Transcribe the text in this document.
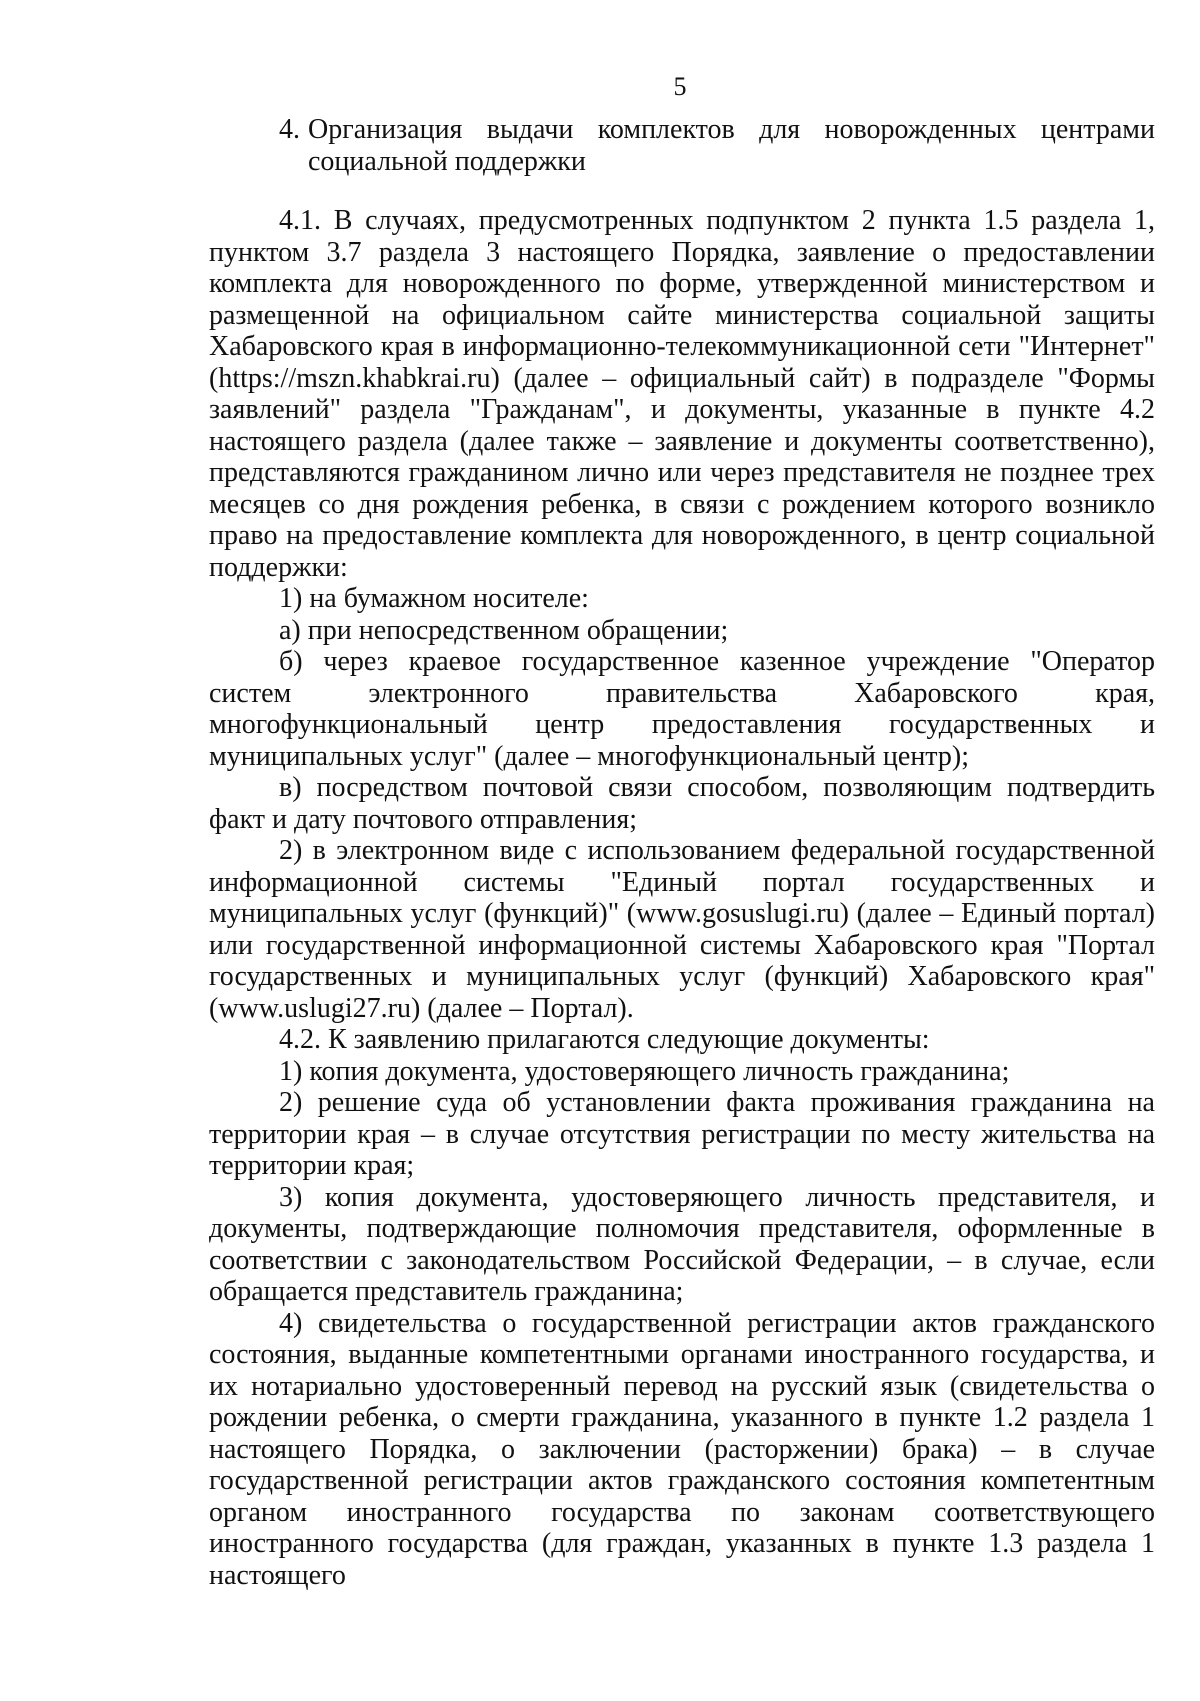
5
4. Организация выдачи комплектов для новорожденных центрами социальной поддержки

4.1. В случаях, предусмотренных подпунктом 2 пункта 1.5 раздела 1, пунктом 3.7 раздела 3 настоящего Порядка, заявление о предоставлении комплекта для новорожденного по форме, утвержденной министерством и размещенной на официальном сайте министерства социальной защиты Хабаровского края в информационно-телекоммуникационной сети "Интернет" (https://mszn.khabkrai.ru) (далее – официальный сайт) в подразделе "Формы заявлений" раздела "Гражданам", и документы, указанные в пункте 4.2 настоящего раздела (далее также – заявление и документы соответственно), представляются гражданином лично или через представителя не позднее трех месяцев со дня рождения ребенка, в связи с рождением которого возникло право на предоставление комплекта для новорожденного, в центр социальной поддержки:

1) на бумажном носителе:

а) при непосредственном обращении;

б) через краевое государственное казенное учреждение "Оператор систем электронного правительства Хабаровского края, многофункциональный центр предоставления государственных и муниципальных услуг" (далее – многофункциональный центр);

в) посредством почтовой связи способом, позволяющим подтвердить факт и дату почтового отправления;

2) в электронном виде с использованием федеральной государственной информационной системы "Единый портал государственных и муниципальных услуг (функций)" (www.gosuslugi.ru) (далее – Единый портал) или государственной информационной системы Хабаровского края "Портал государственных и муниципальных услуг (функций) Хабаровского края" (www.uslugi27.ru) (далее – Портал).

4.2. К заявлению прилагаются следующие документы:

1) копия документа, удостоверяющего личность гражданина;

2) решение суда об установлении факта проживания гражданина на территории края – в случае отсутствия регистрации по месту жительства на территории края;

3) копия документа, удостоверяющего личность представителя, и документы, подтверждающие полномочия представителя, оформленные в соответствии с законодательством Российской Федерации, – в случае, если обращается представитель гражданина;

4) свидетельства о государственной регистрации актов гражданского состояния, выданные компетентными органами иностранного государства, и их нотариально удостоверенный перевод на русский язык (свидетельства о рождении ребенка, о смерти гражданина, указанного в пункте 1.2 раздела 1 настоящего Порядка, о заключении (расторжении) брака) – в случае государственной регистрации актов гражданского состояния компетентным органом иностранного государства по законам соответствующего иностранного государства (для граждан, указанных в пункте 1.3 раздела 1 настоящего
